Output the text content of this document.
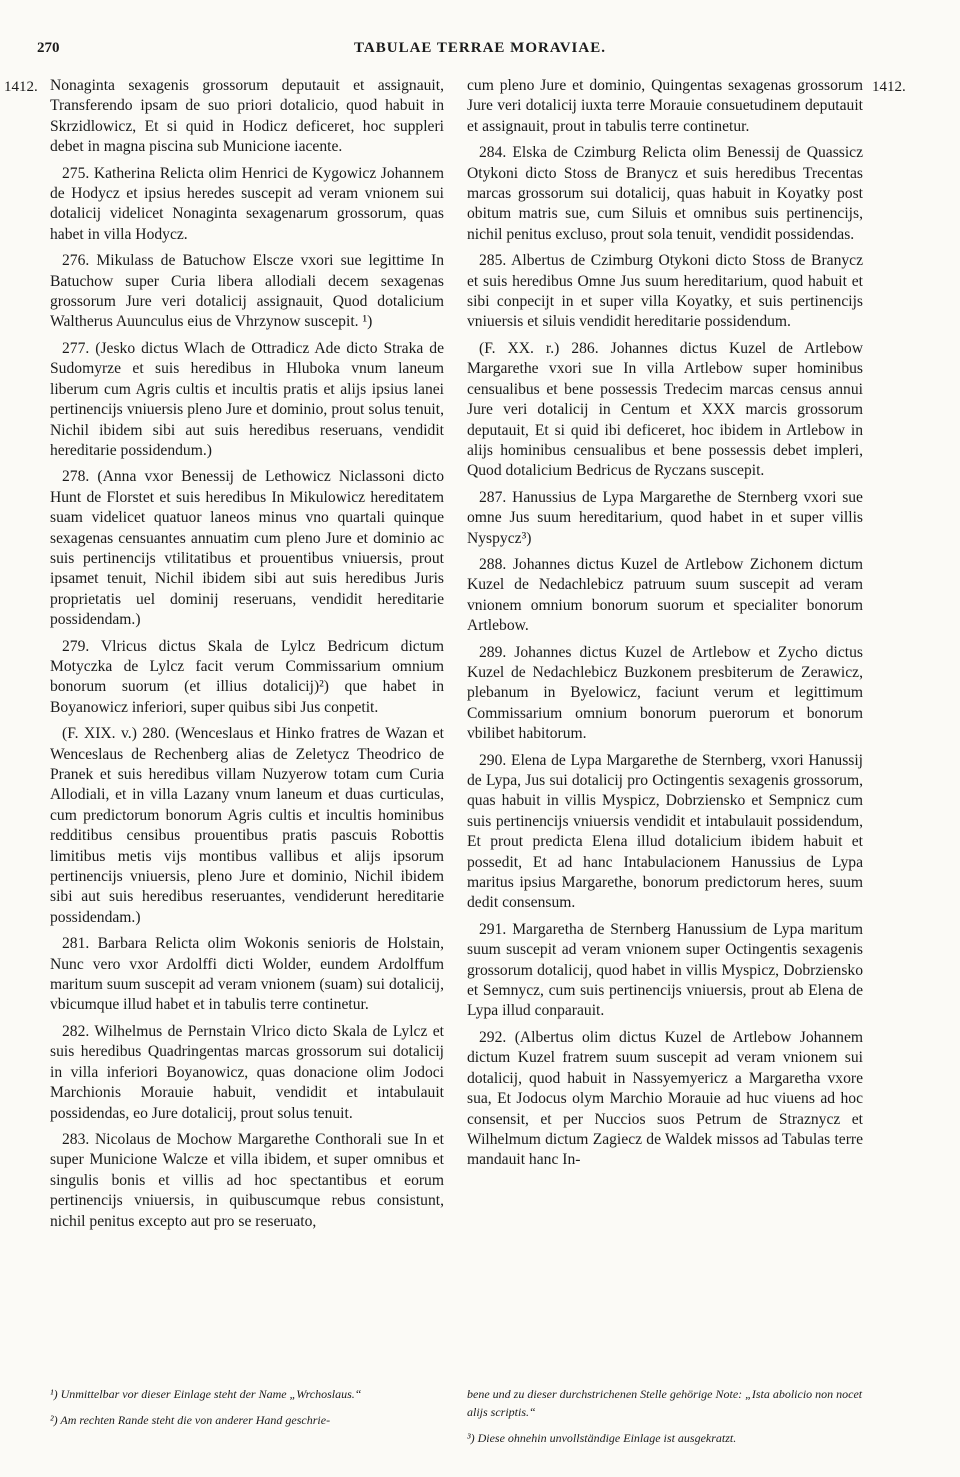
270	TABULAE TERRAE MORAVIAE.
1412.	1412.

Nonaginta sexagenis grossorum deputauit et assignauit, Transferendo ipsam de suo priori dotalicio, quod habuit in Skrzidlowicz, Et si quid in Hodicz deficeret, hoc suppleri debet in magna piscina sub Municione iacente.

275. Katherina Relicta olim Henrici de Kygowicz Johannem de Hodycz et ipsius heredes suscepit ad veram vnionem sui dotalicij videlicet Nonaginta sexagenarum grossorum, quas habet in villa Hodycz.

276. Mikulass de Batuchow Elscze vxori sue legittime In Batuchow super Curia libera allodiali decem sexagenas grossorum Jure veri dotalicij assignauit, Quod dotalicium Waltherus Auunculus eius de Vhrzynow suscepit. ¹)

277. (Jesko dictus Wlach de Ottradicz Ade dicto Straka de Sudomyrze et suis heredibus in Hluboka vnum laneum liberum cum Agris cultis et incultis pratis et alijs ipsius lanei pertinencijs vniuersis pleno Jure et dominio, prout solus tenuit, Nichil ibidem sibi aut suis heredibus reseruans, vendidit hereditarie possidendum.)

278. (Anna vxor Benessij de Lethowicz Niclassoni dicto Hunt de Florstet et suis heredibus In Mikulowicz hereditatem suam videlicet quatuor laneos minus vno quartali quinque sexagenas censuantes annuatim cum pleno Jure et dominio ac suis pertinencijs vtilitatibus et prouentibus vniuersis, prout ipsamet tenuit, Nichil ibidem sibi aut suis heredibus Juris proprietatis uel dominij reseruans, vendidit hereditarie possidendam.)

279. Vlricus dictus Skala de Lylcz Bedricum dictum Motyczka de Lylcz facit verum Commissarium omnium bonorum suorum (et illius dotalicij)²) que habet in Boyanowicz inferiori, super quibus sibi Jus conpetit.

(F. XIX. v.) 280. (Wenceslaus et Hinko fratres de Wazan et Wenceslaus de Rechenberg alias de Zeletycz Theodrico de Pranek et suis heredibus villam Nuzyerow totam cum Curia Allodiali, et in villa Lazany vnum laneum et duas curticulas, cum predictorum bonorum Agris cultis et incultis hominibus redditibus censibus prouentibus pratis pascuis Robottis limitibus metis vijs montibus vallibus et alijs ipsorum pertinencijs vniuersis, pleno Jure et dominio, Nichil ibidem sibi aut suis heredibus reseruantes, vendiderunt hereditarie possidendam.)

281. Barbara Relicta olim Wokonis senioris de Holstain, Nunc vero vxor Ardolffi dicti Wolder, eundem Ardolffum maritum suum suscepit ad veram vnionem (suam) sui dotalicij, vbicumque illud habet et in tabulis terre continetur.

282. Wilhelmus de Pernstain Vlrico dicto Skala de Lylcz et suis heredibus Quadringentas marcas grossorum sui dotalicij in villa inferiori Boyanowicz, quas donacione olim Jodoci Marchionis Morauie habuit, vendidit et intabulauit possidendas, eo Jure dotalicij, prout solus tenuit.

283. Nicolaus de Mochow Margarethe Conthorali sue In et super Municione Walcze et villa ibidem, et super omnibus et singulis bonis et villis ad hoc spectantibus et eorum pertinencijs vniuersis, in quibuscumque rebus consistunt, nichil penitus excepto aut pro se reseruato,

cum pleno Jure et dominio, Quingentas sexagenas grossorum Jure veri dotalicij iuxta terre Morauie consuetudinem deputauit et assignauit, prout in tabulis terre continetur.

284. Elska de Czimburg Relicta olim Benessij de Quassicz Otykoni dicto Stoss de Branycz et suis heredibus Trecentas marcas grossorum sui dotalicij, quas habuit in Koyatky post obitum matris sue, cum Siluis et omnibus suis pertinencijs, nichil penitus excluso, prout sola tenuit, vendidit possidendas.

285. Albertus de Czimburg Otykoni dicto Stoss de Branycz et suis heredibus Omne Jus suum hereditarium, quod habuit et sibi conpecijt in et super villa Koyatky, et suis pertinencijs vniuersis et siluis vendidit hereditarie possidendum.

(F. XX. r.) 286. Johannes dictus Kuzel de Artlebow Margarethe vxori sue In villa Artlebow super hominibus censualibus et bene possessis Tredecim marcas census annui Jure veri dotalicij in Centum et XXX marcis grossorum deputauit, Et si quid ibi deficeret, hoc ibidem in Artlebow in alijs hominibus censualibus et bene possessis debet impleri, Quod dotalicium Bedricus de Ryczans suscepit.

287. Hanussius de Lypa Margarethe de Sternberg vxori sue omne Jus suum hereditarium, quod habet in et super villis Nyspycz³)

288. Johannes dictus Kuzel de Artlebow Zichonem dictum Kuzel de Nedachlebicz patruum suum suscepit ad veram vnionem omnium bonorum suorum et specialiter bonorum Artlebow.

289. Johannes dictus Kuzel de Artlebow et Zycho dictus Kuzel de Nedachlebicz Buzkonem presbiterum de Zerawicz, plebanum in Byelowicz, faciunt verum et legittimum Commissarium omnium bonorum puerorum et bonorum vbilibet habitorum.

290. Elena de Lypa Margarethe de Sternberg, vxori Hanussij de Lypa, Jus sui dotalicij pro Octingentis sexagenis grossorum, quas habuit in villis Myspicz, Dobrziensko et Sempnicz cum suis pertinencijs vniuersis vendidit et intabulauit possidendum, Et prout predicta Elena illud dotalicium ibidem habuit et possedit, Et ad hanc Intabulacionem Hanussius de Lypa maritus ipsius Margarethe, bonorum predictorum heres, suum dedit consensum.

291. Margaretha de Sternberg Hanussium de Lypa maritum suum suscepit ad veram vnionem super Octingentis sexagenis grossorum dotalicij, quod habet in villis Myspicz, Dobrziensko et Semnycz, cum suis pertinencijs vniuersis, prout ab Elena de Lypa illud conparauit.

292. (Albertus olim dictus Kuzel de Artlebow Johannem dictum Kuzel fratrem suum suscepit ad veram vnionem sui dotalicij, quod habuit in Nassyemyericz a Margaretha vxore sua, Et Jodocus olym Marchio Morauie ad huc viuens ad hoc consensit, et per Nuccios suos Petrum de Straznycz et Wilhelmum dictum Zagiecz de Waldek missos ad Tabulas terre mandauit hanc In-

¹) Unmittelbar vor dieser Einlage steht der Name „Wrchoslaus.“

²) Am rechten Rande steht die von anderer Hand geschrie-

bene und zu dieser durchstrichenen Stelle gehörige Note: „Ista abolicio non nocet alijs scriptis.“

³) Diese ohnehin unvollständige Einlage ist ausgekratzt.
